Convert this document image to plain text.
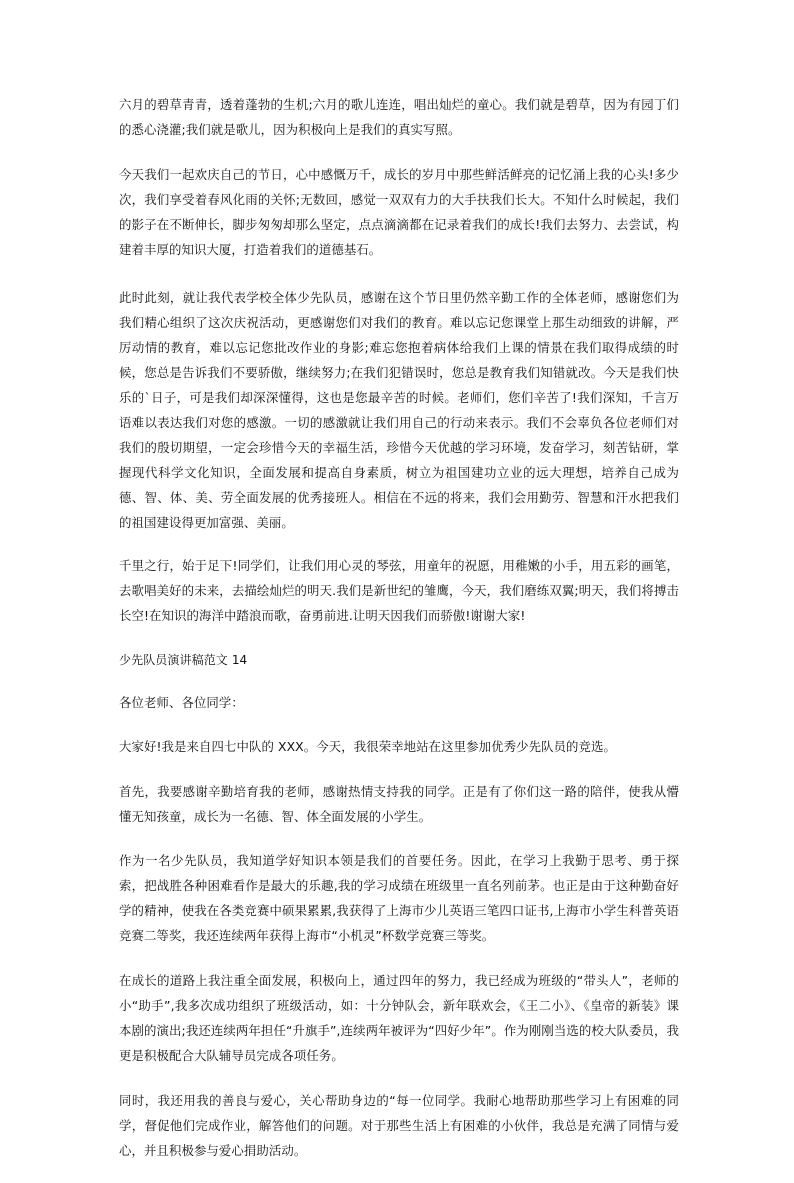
六月的碧草青青，透着蓬勃的生机;六月的歌儿连连，唱出灿烂的童心。我们就是碧草，因为有园丁们的悉心浇灌;我们就是歌儿，因为积极向上是我们的真实写照。

今天我们一起欢庆自己的节日，心中感慨万千，成长的岁月中那些鲜活鲜亮的记忆涌上我的心头!多少次，我们享受着春风化雨的关怀;无数回，感觉一双双有力的大手扶我们长大。不知什么时候起，我们的影子在不断伸长，脚步匆匆却那么坚定，点点滴滴都在记录着我们的成长!我们去努力、去尝试，构建着丰厚的知识大厦，打造着我们的道德基石。

此时此刻，就让我代表学校全体少先队员，感谢在这个节日里仍然辛勤工作的全体老师，感谢您们为我们精心组织了这次庆祝活动，更感谢您们对我们的教育。难以忘记您课堂上那生动细致的讲解，严厉动情的教育，难以忘记您批改作业的身影;难忘您抱着病体给我们上课的情景在我们取得成绩的时候，您总是告诉我们不要骄傲，继续努力;在我们犯错误时，您总是教育我们知错就改。今天是我们快乐的`日子，可是我们却深深懂得，这也是您最辛苦的时候。老师们，您们辛苦了!我们深知，千言万语难以表达我们对您的感激。一切的感激就让我们用自己的行动来表示。我们不会辜负各位老师们对我们的殷切期望，一定会珍惜今天的幸福生活，珍惜今天优越的学习环境，发奋学习，刻苦钻研，掌握现代科学文化知识，全面发展和提高自身素质，树立为祖国建功立业的远大理想，培养自己成为德、智、体、美、劳全面发展的优秀接班人。相信在不远的将来，我们会用勤劳、智慧和汗水把我们的祖国建设得更加富强、美丽。

千里之行，始于足下!同学们，让我们用心灵的琴弦，用童年的祝愿，用稚嫩的小手，用五彩的画笔，去歌唱美好的未来，去描绘灿烂的明天.我们是新世纪的雏鹰，今天，我们磨练双翼;明天，我们将搏击长空!在知识的海洋中踏浪而歌，奋勇前进.让明天因我们而骄傲!谢谢大家!

少先队员演讲稿范文 14

各位老师、各位同学：

大家好!我是来自四七中队的 XXX。今天，我很荣幸地站在这里参加优秀少先队员的竞选。

首先，我要感谢辛勤培育我的老师，感谢热情支持我的同学。正是有了你们这一路的陪伴，使我从懵懂无知孩童，成长为一名德、智、体全面发展的小学生。

作为一名少先队员，我知道学好知识本领是我们的首要任务。因此，在学习上我勤于思考、勇于探索，把战胜各种困难看作是最大的乐趣,我的学习成绩在班级里一直名列前茅。也正是由于这种勤奋好学的精神，使我在各类竞赛中硕果累累,我获得了上海市少儿英语三笔四口证书,上海市小学生科普英语竞赛二等奖，我还连续两年获得上海市“小机灵”杯数学竞赛三等奖。

在成长的道路上我注重全面发展，积极向上，通过四年的努力，我已经成为班级的“带头人”，老师的小“助手”,我多次成功组织了班级活动，如：十分钟队会，新年联欢会，《王二小》、《皇帝的新装》课本剧的演出;我还连续两年担任“升旗手”,连续两年被评为“四好少年”。作为刚刚当选的校大队委员，我更是积极配合大队辅导员完成各项任务。

同时，我还用我的善良与爱心，关心帮助身边的“每一位同学。我耐心地帮助那些学习上有困难的同学，督促他们完成作业，解答他们的问题。对于那些生活上有困难的小伙伴，我总是充满了同情与爱心，并且积极参与爱心捐助活动。
